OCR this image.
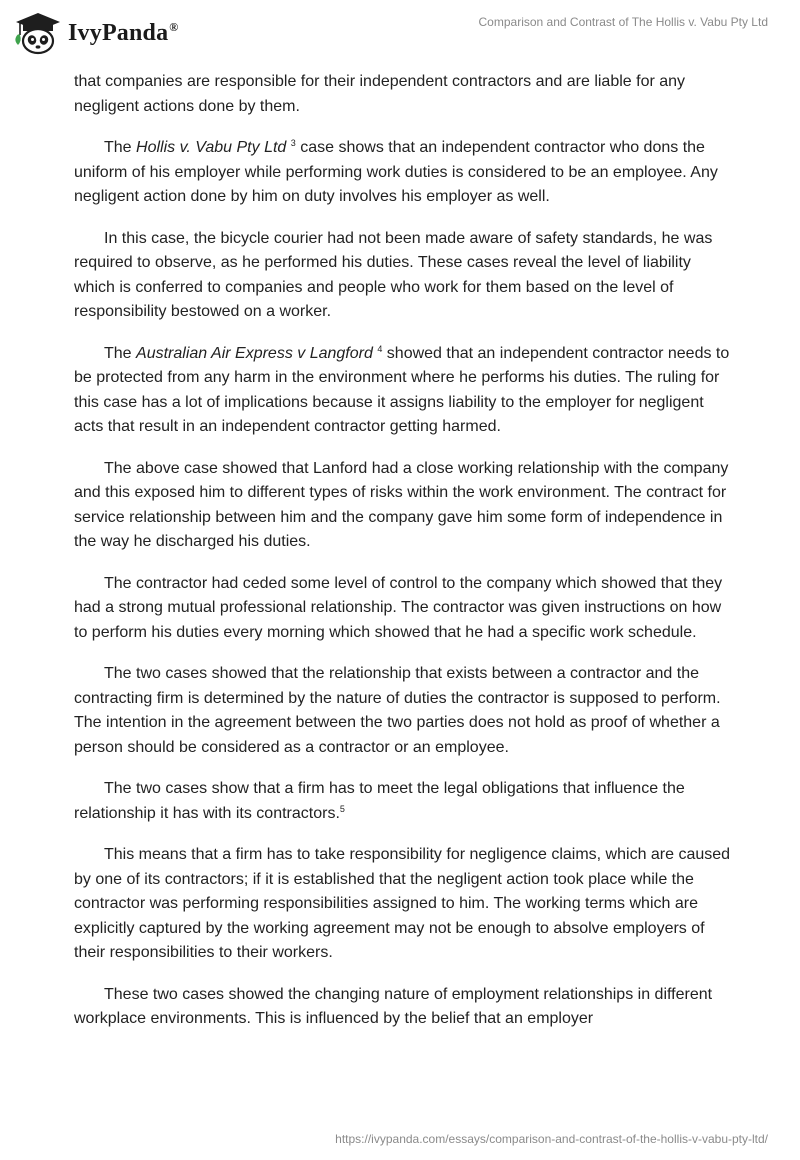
IvyPanda®	Comparison and Contrast of The Hollis v. Vabu Pty Ltd

that companies are responsible for their independent contractors and are liable for any negligent actions done by them.

The Hollis v. Vabu Pty Ltd $^3$ case shows that an independent contractor who dons the uniform of his employer while performing work duties is considered to be an employee. Any negligent action done by him on duty involves his employer as well.

In this case, the bicycle courier had not been made aware of safety standards, he was required to observe, as he performed his duties. These cases reveal the level of liability which is conferred to companies and people who work for them based on the level of responsibility bestowed on a worker.

The Australian Air Express v Langford $^4$ showed that an independent contractor needs to be protected from any harm in the environment where he performs his duties. The ruling for this case has a lot of implications because it assigns liability to the employer for negligent acts that result in an independent contractor getting harmed.

The above case showed that Lanford had a close working relationship with the company and this exposed him to different types of risks within the work environment. The contract for service relationship between him and the company gave him some form of independence in the way he discharged his duties.

The contractor had ceded some level of control to the company which showed that they had a strong mutual professional relationship. The contractor was given instructions on how to perform his duties every morning which showed that he had a specific work schedule.

The two cases showed that the relationship that exists between a contractor and the contracting firm is determined by the nature of duties the contractor is supposed to perform. The intention in the agreement between the two parties does not hold as proof of whether a person should be considered as a contractor or an employee.

The two cases show that a firm has to meet the legal obligations that influence the relationship it has with its contractors.$^5$

This means that a firm has to take responsibility for negligence claims, which are caused by one of its contractors; if it is established that the negligent action took place while the contractor was performing responsibilities assigned to him. The working terms which are explicitly captured by the working agreement may not be enough to absolve employers of their responsibilities to their workers.

These two cases showed the changing nature of employment relationships in different workplace environments. This is influenced by the belief that an employer

https://ivypanda.com/essays/comparison-and-contrast-of-the-hollis-v-vabu-pty-ltd/
